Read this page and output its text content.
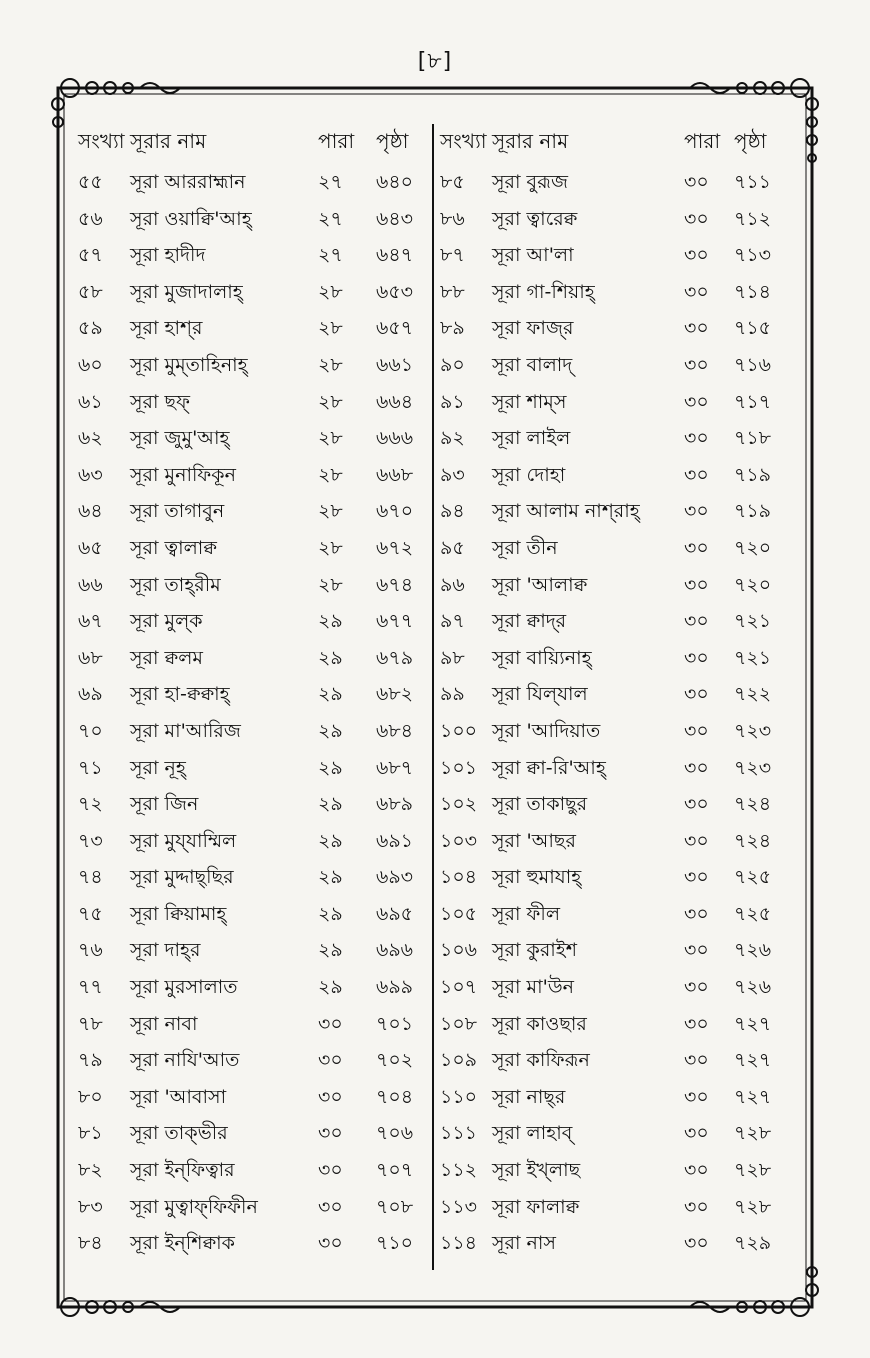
[৮]
সংখ্যা সূরার নাম	পারা পৃষ্ঠা
৫৫ সূরা আররাহ্মান	২৭ ৬৪০
৫৬ সূরা ওয়াক্বি'আহ্	২৭ ৬৪৩
৫৭ সূরা হাদীদ	২৭ ৬৪৭
৫৮ সূরা মুজাদালাহ্	২৮ ৬৫৩
৫৯ সূরা হাশ্‌র	২৮ ৬৫৭
৬০ সূরা মুম্‌তাহিনাহ্	২৮ ৬৬১
৬১ সূরা ছফ্	২৮ ৬৬৪
৬২ সূরা জুমু'আহ্	২৮ ৬৬৬
৬৩ সূরা মুনাফিকূন	২৮ ৬৬৮
৬৪ সূরা তাগাবুন	২৮ ৬৭০
৬৫ সূরা ত্বালাক্ব	২৮ ৬৭২
৬৬ সূরা তাহ্‌রীম	২৮ ৬৭৪
৬৭ সূরা মুল্‌ক	২৯ ৬৭৭
৬৮ সূরা ক্বলম	২৯ ৬৭৯
৬৯ সূরা হা-ক্বক্বাহ্	২৯ ৬৮২
৭০ সূরা মা'আরিজ	২৯ ৬৮৪
৭১ সূরা নূহ্	২৯ ৬৮৭
৭২ সূরা জিন	২৯ ৬৮৯
৭৩ সূরা মুয্‌যাম্মিল	২৯ ৬৯১
৭৪ সূরা মুদ্দাছ্‌ছির	২৯ ৬৯৩
৭৫ সূরা ক্বিয়ামাহ্	২৯ ৬৯৫
৭৬ সূরা দাহ্‌র	২৯ ৬৯৬
৭৭ সূরা মুরসালাত	২৯ ৬৯৯
৭৮ সূরা নাবা	৩০ ৭০১
৭৯ সূরা নাযি'আত	৩০ ৭০২
৮০ সূরা 'আবাসা	৩০ ৭০৪
৮১ সূরা তাক্‌ভীর	৩০ ৭০৬
৮২ সূরা ইন্‌ফিত্বার	৩০ ৭০৭
৮৩ সূরা মুত্বাফ্‌ফিফীন	৩০ ৭০৮
৮৪ সূরা ইন্‌শিক্বাক	৩০ ৭১০
সংখ্যা সূরার নাম	পারা পৃষ্ঠা
৮৫ সূরা বুরূজ	৩০ ৭১১
৮৬ সূরা ত্বারেক্ব	৩০ ৭১২
৮৭ সূরা আ'লা	৩০ ৭১৩
৮৮ সূরা গা-শিয়াহ্	৩০ ৭১৪
৮৯ সূরা ফাজ্‌র	৩০ ৭১৫
৯০ সূরা বালাদ্	৩০ ৭১৬
৯১ সূরা শাম্‌স	৩০ ৭১৭
৯২ সূরা লাইল	৩০ ৭১৮
৯৩ সূরা দোহা	৩০ ৭১৯
৯৪ সূরা আলাম নাশ্‌রাহ্ ৩০ ৭১৯
৯৫ সূরা তীন	৩০ ৭২০
৯৬ সূরা 'আলাক্ব	৩০ ৭২০
৯৭ সূরা ক্বাদ্‌র	৩০ ৭২১
৯৮ সূরা বায়্যিনাহ্	৩০ ৭২১
৯৯ সূরা যিল্‌যাল	৩০ ৭২২
১০০ সূরা 'আদিয়াত	৩০ ৭২৩
১০১ সূরা ক্বা-রি'আহ্	৩০ ৭২৩
১০২ সূরা তাকাছুর	৩০ ৭২৪
১০৩ সূরা 'আছর	৩০ ৭২৪
১০৪ সূরা হুমাযাহ্	৩০ ৭২৫
১০৫ সূরা ফীল	৩০ ৭২৫
১০৬ সূরা কুরাইশ	৩০ ৭২৬
১০৭ সূরা মা'উন	৩০ ৭২৬
১০৮ সূরা কাওছার	৩০ ৭২৭
১০৯ সূরা কাফিরূন	৩০ ৭২৭
১১০ সূরা নাছ্‌র	৩০ ৭২৭
১১১ সূরা লাহাব্	৩০ ৭২৮
১১২ সূরা ইখ্‌লাছ	৩০ ৭২৮
১১৩ সূরা ফালাক্ব	৩০ ৭২৮
১১৪ সূরা নাস	৩০ ৭২৯
